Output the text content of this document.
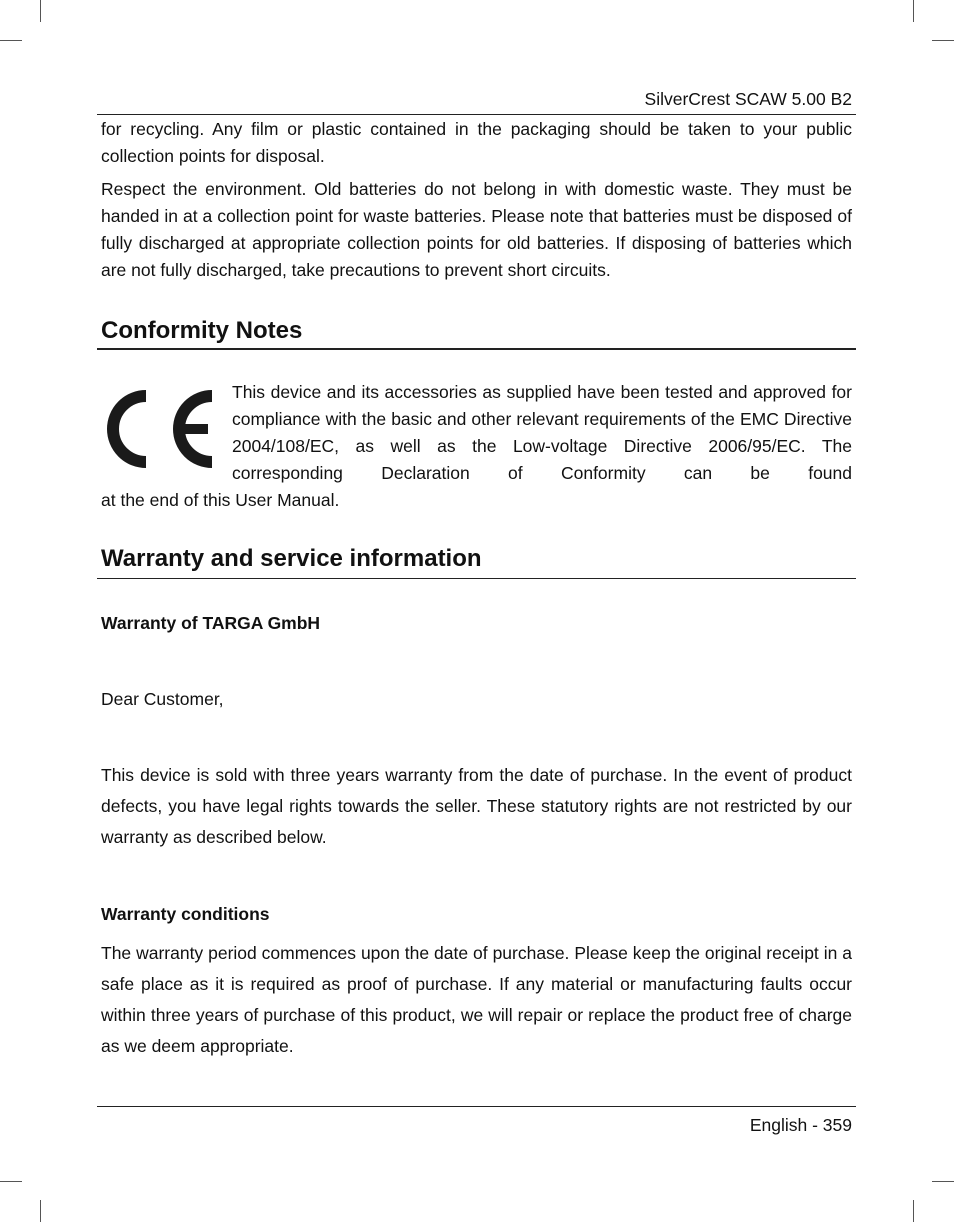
SilverCrest SCAW 5.00 B2

for recycling. Any film or plastic contained in the packaging should be taken to your public collection points for disposal.

Respect the environment. Old batteries do not belong in with domestic waste. They must be handed in at a collection point for waste batteries. Please note that batteries must be disposed of fully discharged at appropriate collection points for old batteries. If disposing of batteries which are not fully discharged, take precautions to prevent short circuits.

Conformity Notes

This device and its accessories as supplied have been tested and approved for compliance with the basic and other relevant requirements of the EMC Directive 2004/108/EC, as well as the Low-voltage Directive 2006/95/EC. The corresponding Declaration of Conformity can be found

at the end of this User Manual.

Warranty and service information
Warranty of TARGA GmbH

Dear Customer,

This device is sold with three years warranty from the date of purchase. In the event of product defects, you have legal rights towards the seller. These statutory rights are not restricted by our warranty as described below.

Warranty conditions

The warranty period commences upon the date of purchase. Please keep the original receipt in a safe place as it is required as proof of purchase. If any material or manufacturing faults occur within three years of purchase of this product, we will repair or replace the product free of charge as we deem appropriate.

English - 359
